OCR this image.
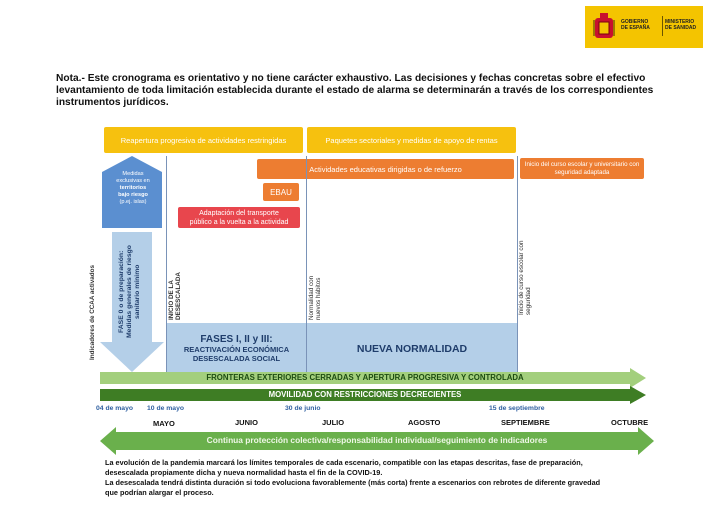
GOBIERNO
DE ESPAÑA
MINISTERIO
DE SANIDAD
Nota.- Este cronograma es orientativo y no tiene carácter exhaustivo. Las decisiones y fechas concretas sobre el efectivo levantamiento de toda limitación establecida durante el estado de alarma se determinarán a través de los correspondientes instrumentos jurídicos.
Reapertura progresiva de actividades restringidas	Paquetes sectoriales y medidas de apoyo de rentas
Actividades educativas dirigidas o de refuerzo
Inicio del curso escolar y universitario con seguridad adaptada
EBAU
Adaptación del transporte
público a la vuelta a la actividad
Medidas
exclusivas en
territorios
bajo riesgo
(p.ej. islas)
Indicadores de CCAA activados	FASE 0 o de preparación: Medidas generales de riesgo sanitario mínimo	INICIO DE LA DESESCALADA	Normalidad con nuevos hábitos	Inicio de curso escolar con seguridad
FASES I, II y III:
REACTIVACIÓN ECONÓMICA
DESESCALADA SOCIAL
NUEVA NORMALIDAD
FRONTERAS EXTERIORES CERRADAS Y APERTURA PROGRESIVA Y CONTROLADA
MOVILIDAD CON RESTRICCIONES DECRECIENTES
04 de mayo 10 de mayo	30 de junio	15 de septiembre
MAYO	JUNIO	JULIO	AGOSTO	SEPTIEMBRE	OCTUBRE
Continua protección colectiva/responsabilidad individual/seguimiento de indicadores
La evolución de la pandemia marcará los límites temporales de cada escenario, compatible con las etapas descritas, fase de preparación, desescalada propiamente dicha y nueva normalidad hasta el fin de la COVID-19.
La desescalada tendrá distinta duración si todo evoluciona favorablemente (más corta) frente a escenarios con rebrotes de diferente gravedad que podrían alargar el proceso.
